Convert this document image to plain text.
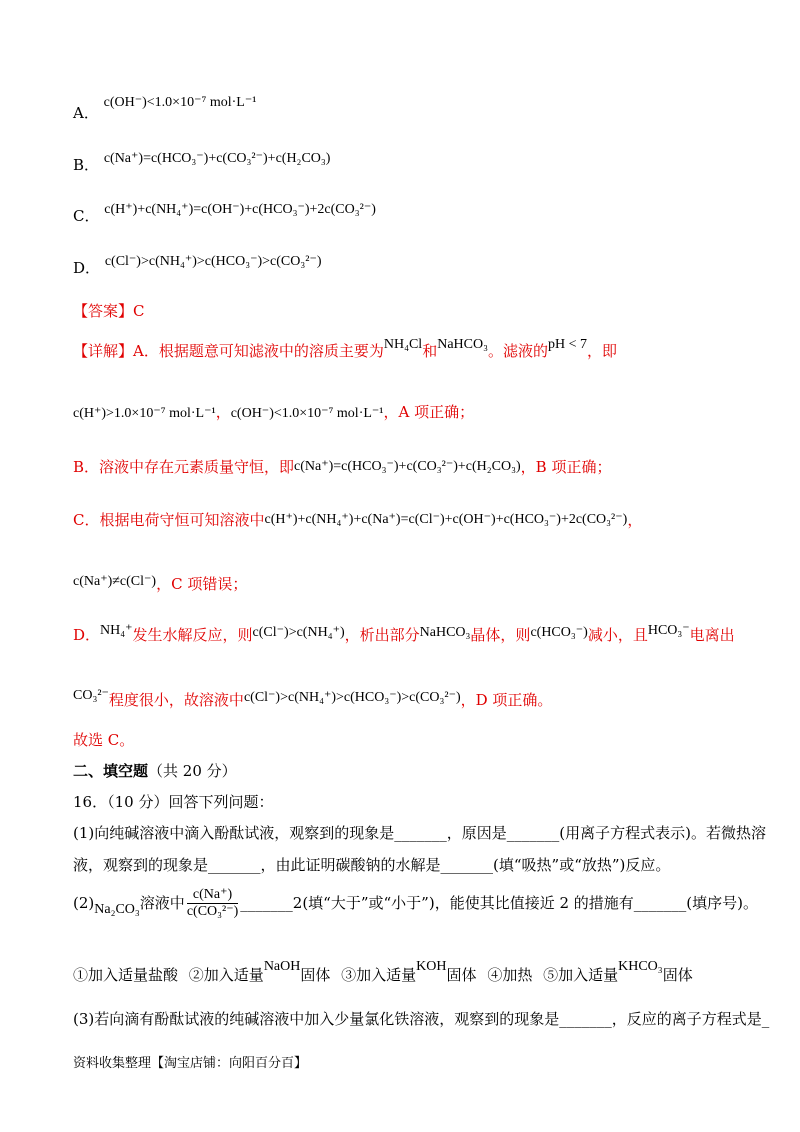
A． c(OH⁻)<1.0×10⁻⁷ mol·L⁻¹
B． c(Na⁺)=c(HCO₃⁻)+c(CO₃²⁻)+c(H₂CO₃)
C． c(H⁺)+c(NH₄⁺)=c(OH⁻)+c(HCO₃⁻)+2c(CO₃²⁻)
D． c(Cl⁻)>c(NH₄⁺)>c(HCO₃⁻)>c(CO₃²⁻)
【答案】C
【详解】A．根据题意可知滤液中的溶质主要为NH₄Cl和NaHCO₃。滤液的pH < 7，即
c(H⁺)>1.0×10⁻⁷ mol·L⁻¹，c(OH⁻)<1.0×10⁻⁷ mol·L⁻¹，A 项正确；
B．溶液中存在元素质量守恒，即c(Na⁺)=c(HCO₃⁻)+c(CO₃²⁻)+c(H₂CO₃)，B 项正确；
C．根据电荷守恒可知溶液中c(H⁺)+c(NH₄⁺)+c(Na⁺)=c(Cl⁻)+c(OH⁻)+c(HCO₃⁻)+2c(CO₃²⁻)，
c(Na⁺)≠c(Cl⁻)，C 项错误；
D．NH₄⁺发生水解反应，则c(Cl⁻)>c(NH₄⁺)，析出部分NaHCO₃晶体，则c(HCO₃⁻)减小，且HCO₃⁻电离出
CO₃²⁻程度很小，故溶液中c(Cl⁻)>c(NH₄⁺)>c(HCO₃⁻)>c(CO₃²⁻)，D 项正确。
故选 C。
二、填空题（共 20 分）
16．（10 分）回答下列问题：
(1)向纯碱溶液中滴入酚酞试液，观察到的现象是_______，原因是_______(用离子方程式表示)。若微热溶
液，观察到的现象是_______，由此证明碳酸钠的水解是_______(填“吸热”或“放热”)反应。
(2)Na₂CO₃溶液中 $\frac{c(Na^+)}{\text{c(CO₃²⁻)}}$ _______2(填“大于”或“小于”)，能使其比值接近 2 的措施有_______(填序号)。
①加入适量盐酸 ②加入适量NaOH固体 ③加入适量KOH固体 ④加热 ⑤加入适量KHCO₃固体
(3)若向滴有酚酞试液的纯碱溶液中加入少量氯化铁溶液，观察到的现象是_______，反应的离子方程式是_
资料收集整理【淘宝店铺：向阳百分百】
